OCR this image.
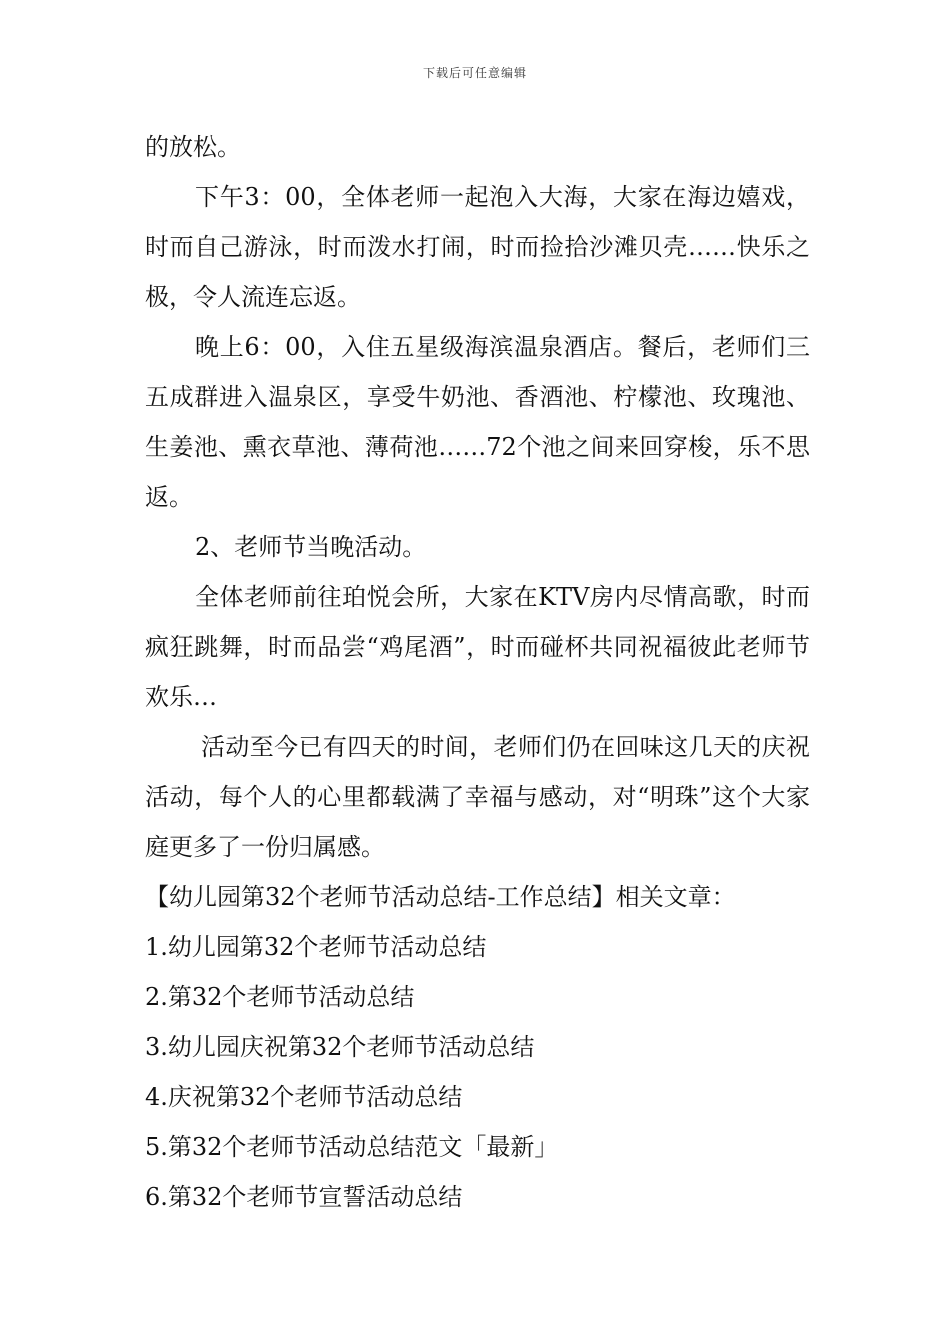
下载后可任意编辑

的放松。

下午3：00，全体老师一起泡入大海，大家在海边嬉戏，时而自己游泳，时而泼水打闹，时而捡拾沙滩贝壳……快乐之极，令人流连忘返。

晚上6：00，入住五星级海滨温泉酒店。餐后，老师们三五成群进入温泉区，享受牛奶池、香酒池、柠檬池、玫瑰池、生姜池、熏衣草池、薄荷池……72个池之间来回穿梭，乐不思返。

2、老师节当晚活动。

全体老师前往珀悦会所，大家在KTV房内尽情高歌，时而疯狂跳舞，时而品尝“鸡尾酒”，时而碰杯共同祝福彼此老师节欢乐…

活动至今已有四天的时间，老师们仍在回味这几天的庆祝活动，每个人的心里都载满了幸福与感动，对“明珠”这个大家庭更多了一份归属感。

【幼儿园第32个老师节活动总结-工作总结】相关文章：

1.幼儿园第32个老师节活动总结

2.第32个老师节活动总结

3.幼儿园庆祝第32个老师节活动总结

4.庆祝第32个老师节活动总结

5.第32个老师节活动总结范文「最新」

6.第32个老师节宣誓活动总结
